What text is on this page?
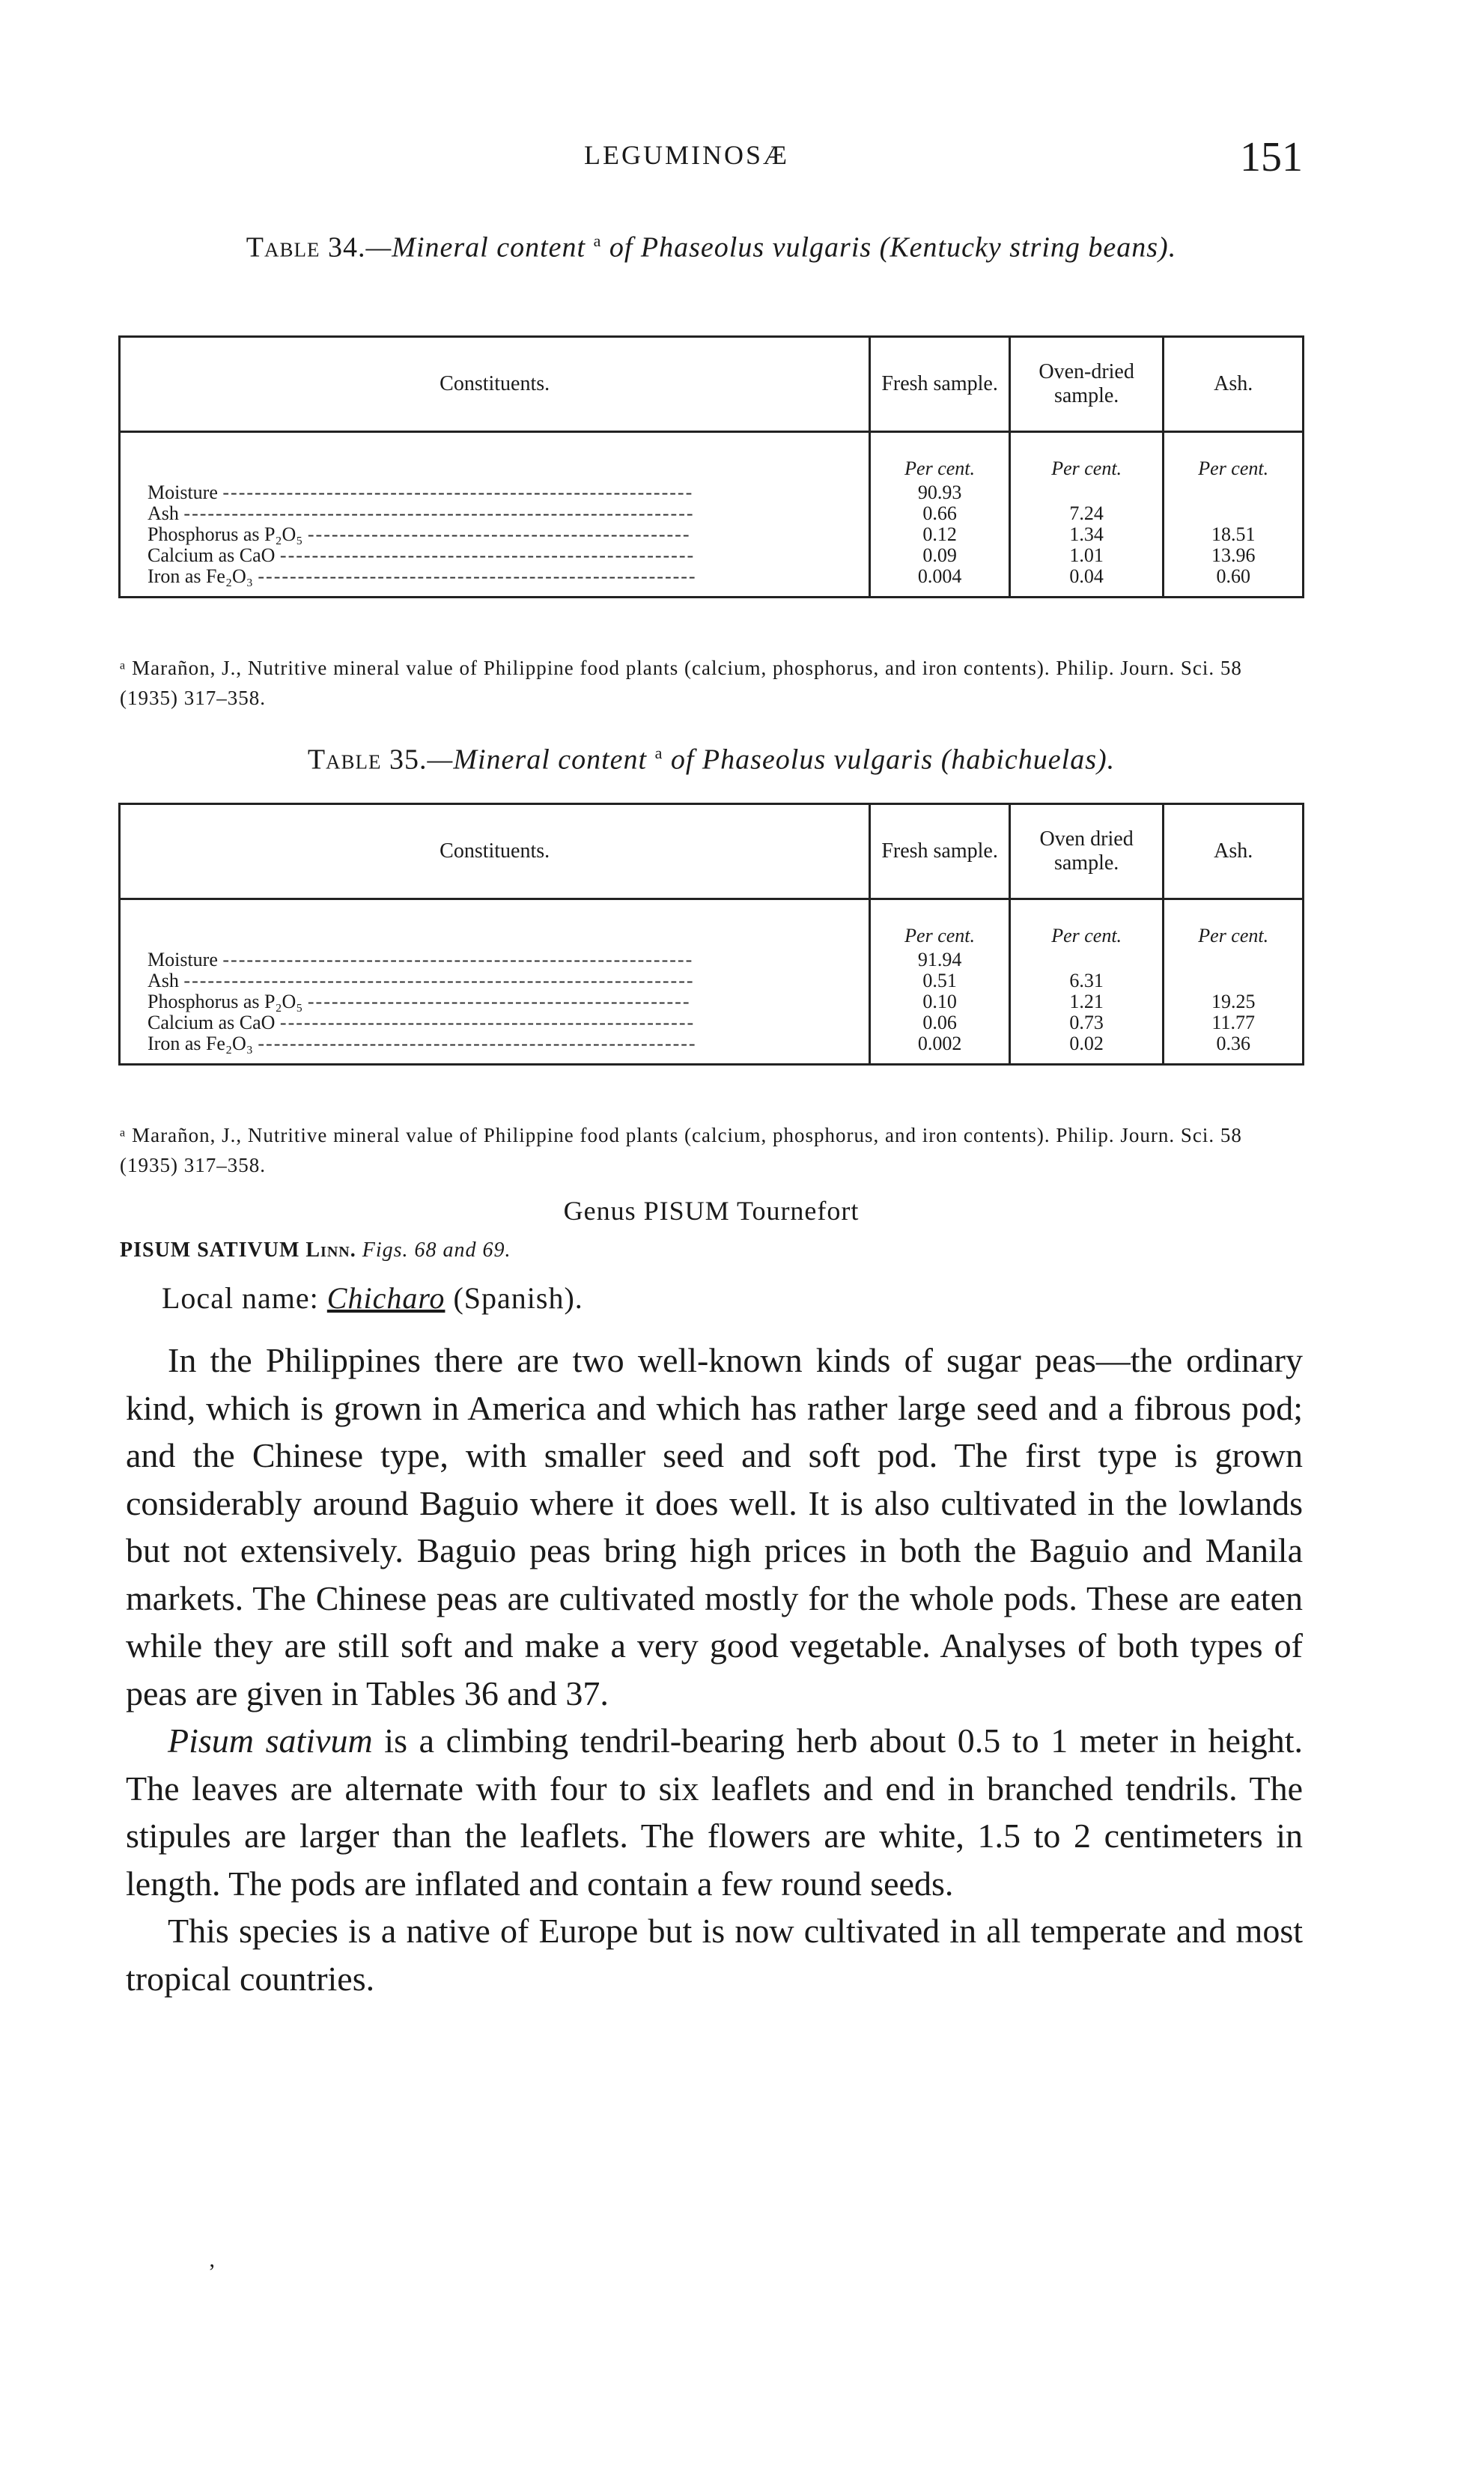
LEGUMINOSÆ	151
Table 34.—Mineral content $^a$ of Phaseolus vulgaris (Kentucky string beans).
Constituents.	Fresh sample.	Oven-dried sample.	Ash.
	Per cent.	Per cent.	Per cent.
Moisture -----------------------------------------------------------	90.93		
Ash ----------------------------------------------------------------	0.66	7.24	
Phosphorus as P₂O₅ ------------------------------------------------	0.12	1.34	18.51
Calcium as CaO ----------------------------------------------------	0.09	1.01	13.96
Iron as Fe₂O₃ -------------------------------------------------------	0.004	0.04	0.60
ᵃ Marañon, J., Nutritive mineral value of Philippine food plants (calcium, phosphorus, and iron contents). Philip. Journ. Sci. 58 (1935) 317–358.
Table 35.—Mineral content $^a$ of Phaseolus vulgaris (habichuelas).
Constituents.	Fresh sample.	Oven dried sample.	Ash.
	Per cent.	Per cent.	Per cent.
Moisture -----------------------------------------------------------	91.94		
Ash ----------------------------------------------------------------	0.51	6.31	
Phosphorus as P₂O₅ ------------------------------------------------	0.10	1.21	19.25
Calcium as CaO ----------------------------------------------------	0.06	0.73	11.77
Iron as Fe₂O₃ -------------------------------------------------------	0.002	0.02	0.36
ᵃ Marañon, J., Nutritive mineral value of Philippine food plants (calcium, phosphorus, and iron contents). Philip. Journ. Sci. 58 (1935) 317–358.
Genus PISUM Tournefort
PISUM SATIVUM Linn. Figs. 68 and 69.
Local name: Chicharo (Spanish).

In the Philippines there are two well-known kinds of sugar peas—the ordinary kind, which is grown in America and which has rather large seed and a fibrous pod; and the Chinese type, with smaller seed and soft pod. The first type is grown considerably around Baguio where it does well. It is also cultivated in the lowlands but not extensively. Baguio peas bring high prices in both the Baguio and Manila markets. The Chinese peas are cultivated mostly for the whole pods. These are eaten while they are still soft and make a very good vegetable. Analyses of both types of peas are given in Tables 36 and 37.

Pisum sativum is a climbing tendril-bearing herb about 0.5 to 1 meter in height. The leaves are alternate with four to six leaflets and end in branched tendrils. The stipules are larger than the leaflets. The flowers are white, 1.5 to 2 centimeters in length. The pods are inflated and contain a few round seeds.

This species is a native of Europe but is now cultivated in all temperate and most tropical countries.

ʼ
